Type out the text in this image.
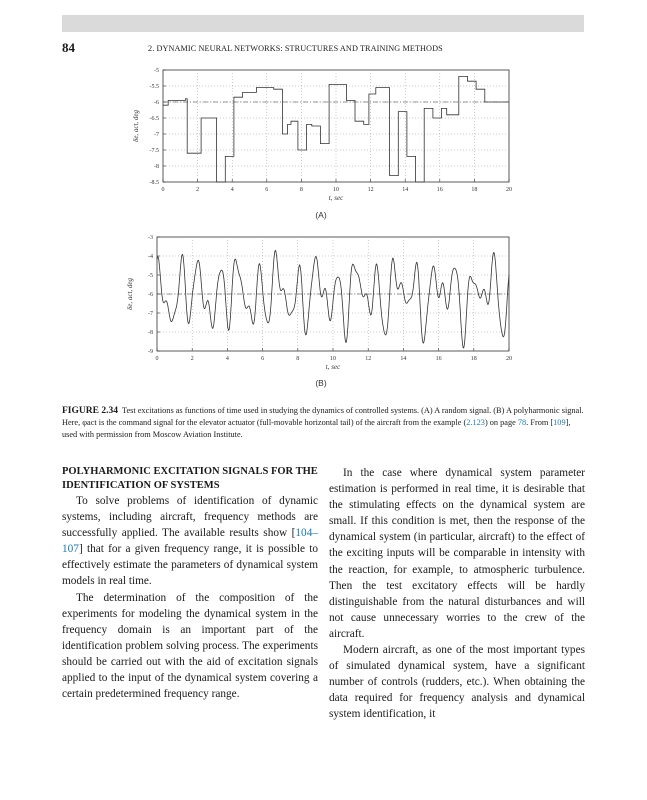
84	2. DYNAMIC NEURAL NETWORKS: STRUCTURES AND TRAINING METHODS
0	2	4	6	8	10	12	14	16	18	20
-5
-5.5
-6
-6.5
-7
-7.5
-8
-8.5
t, sec
δe, act, deg
(A)
0	2	4	6	8	10	12	14	16	18	20
-3
-4
-5
-6
-7
-8
-9
t, sec
δe, act, deg
(B)
FIGURE 2.34 Test excitations as functions of time used in studying the dynamics of controlled systems. (A) A random signal. (B) A polyharmonic signal. Here, φact is the command signal for the elevator actuator (full-movable horizontal tail) of the aircraft from the example (2.123) on page 78. From [109], used with permission from Moscow Aviation Institute.

POLYHARMONIC EXCITATION SIGNALS FOR THE IDENTIFICATION OF SYSTEMS

To solve problems of identification of dynamic systems, including aircraft, frequency methods are successfully applied. The available results show [104–107] that for a given frequency range, it is possible to effectively estimate the parameters of dynamical system models in real time.

The determination of the composition of the experiments for modeling the dynamical system in the frequency domain is an important part of the identification problem solving process. The experiments should be carried out with the aid of excitation signals applied to the input of the dynamical system covering a certain predetermined frequency range.

In the case where dynamical system parameter estimation is performed in real time, it is desirable that the stimulating effects on the dynamical system are small. If this condition is met, then the response of the dynamical system (in particular, aircraft) to the effect of the exciting inputs will be comparable in intensity with the reaction, for example, to atmospheric turbulence. Then the test excitatory effects will be hardly distinguishable from the natural disturbances and will not cause unnecessary worries to the crew of the aircraft.

Modern aircraft, as one of the most important types of simulated dynamical system, have a significant number of controls (rudders, etc.). When obtaining the data required for frequency analysis and dynamical system identification, it
